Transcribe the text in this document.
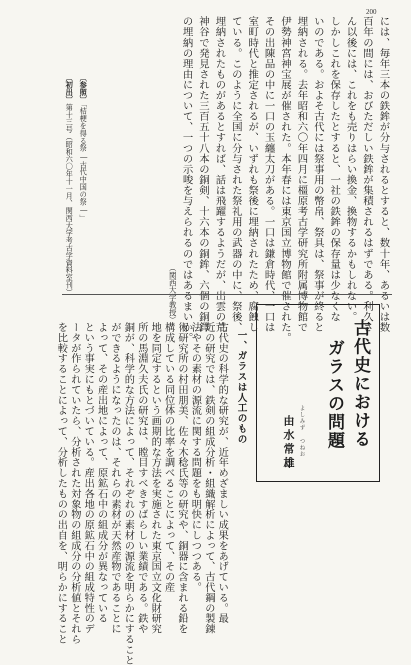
200
には、毎年三本の鉄鉾が分与されるとすると、数十年、あるいは数
百年の間には、おびただしい鉄鉾が集積されるはずである。利久さ
ん以後には、これをも売りはらい換金、換物するかもしれない。
しかしこれを保存したとすると、一社の鉄鉾の保存量は少なくな
いのである。およそ古代には祭事用の幣帛、祭具は、祭事が終ると
埋納される。去年昭和六〇年四月に橿原考古学研究所附属博物館で
伊勢神宮神宝展が催された。本年春には東京国立博物館で催された。
その出陳品の中に一口の玉纏太刀がある。一口は鎌倉時代、一口は
室町時代と推定されるが、いずれも祭後に埋納されたため、腐蝕し
ている。このように全国に分与された祭礼用の武器の中に、祭後、
埋納されたものがあるとすれば、話は飛躍するようだが、出雲の荒
神谷で発見された三百五十八本の銅剣、十六本の銅鉾、六個の銅鐸
の埋納の理由について、一つの示唆を与えられるのではあるまいか。
（関西大学教授）
〔参照〕「桔梗を得る祭―古代中国の祭―」
〔初出〕第十三号（昭和六〇年十一月、関西大学考古学資料室刊）
古代史における
ガラスの問題
よしみず つねお
由水常雄
一、ガラスは人工のもの
古代史の科学的な研究が、近年めざましい成果をあげている。最
近の研究では、鉄剣の組成分析・組織解析によって、古代鋼の製錬
法やその素材の源流に関する問題をも明快にしつつある。
術研究所の村田朋美、佐々木稔氏等の研究や、銅器に含まれる鉛を
構成している同位体の比率を調べることによって、その産
地を同定するという画期的な方法を実施された東京国立文化財研究
所の馬淵久夫氏の研究は、瞠目すべきすばらしい業績である。鉄や
銅が、科学的な方法によって、それぞれの素材の源流を明らかにすること
ができるようになったのは、それらの素材が天然産物であることに
よって、その産出地によって、原鉱石中の組成分が異なっている
という事実にもとづいている。産出各地の原鉱石中の組成特性のデ
ータが作られていたら、分析された対象物の組成分の分析値とそれら
を比較することによって、分析したものの出自を、明らかにすること
